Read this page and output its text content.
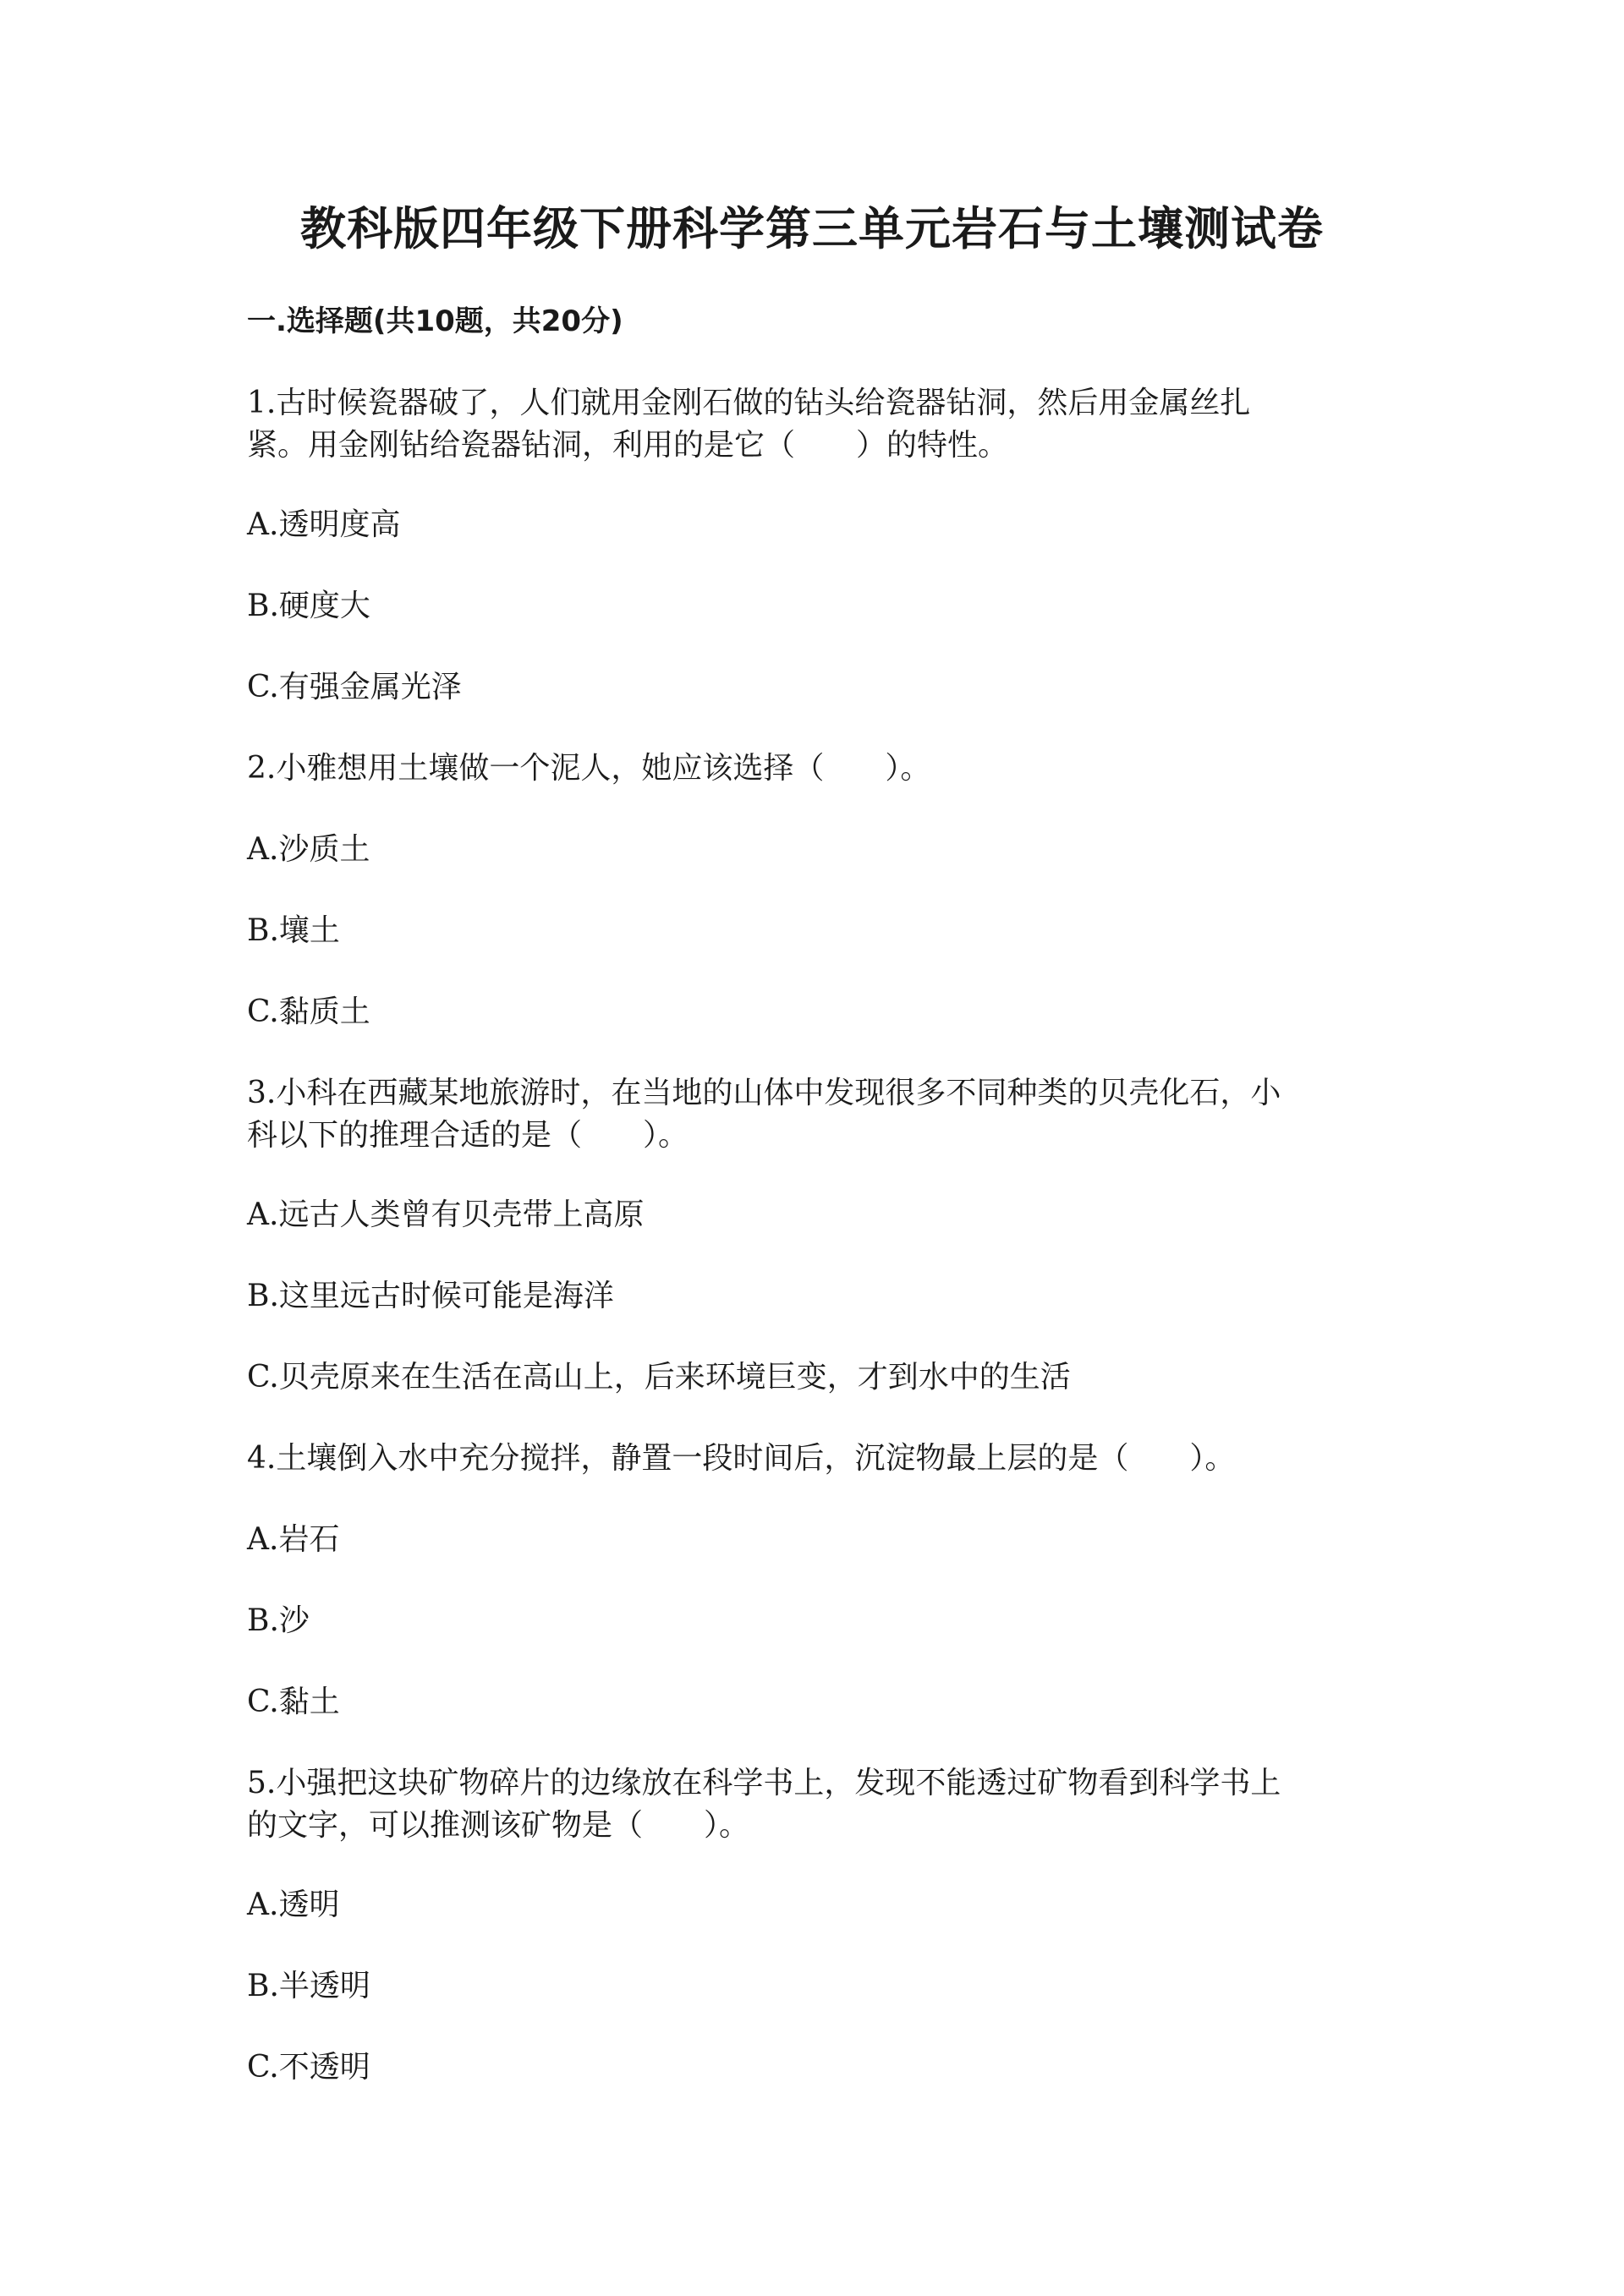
教科版四年级下册科学第三单元岩石与土壤测试卷
一.选择题(共10题，共20分)
1.古时候瓷器破了，人们就用金刚石做的钻头给瓷器钻洞，然后用金属丝扎
紧。用金刚钻给瓷器钻洞，利用的是它（　　）的特性。
A.透明度高
B.硬度大
C.有强金属光泽
2.小雅想用土壤做一个泥人，她应该选择（　　）。
A.沙质土
B.壤土
C.黏质土
3.小科在西藏某地旅游时，在当地的山体中发现很多不同种类的贝壳化石，小
科以下的推理合适的是（　　）。
A.远古人类曾有贝壳带上高原
B.这里远古时候可能是海洋
C.贝壳原来在生活在高山上，后来环境巨变，才到水中的生活
4.土壤倒入水中充分搅拌，静置一段时间后，沉淀物最上层的是（　　）。
A.岩石
B.沙
C.黏土
5.小强把这块矿物碎片的边缘放在科学书上，发现不能透过矿物看到科学书上
的文字，可以推测该矿物是（　　）。
A.透明
B.半透明
C.不透明
